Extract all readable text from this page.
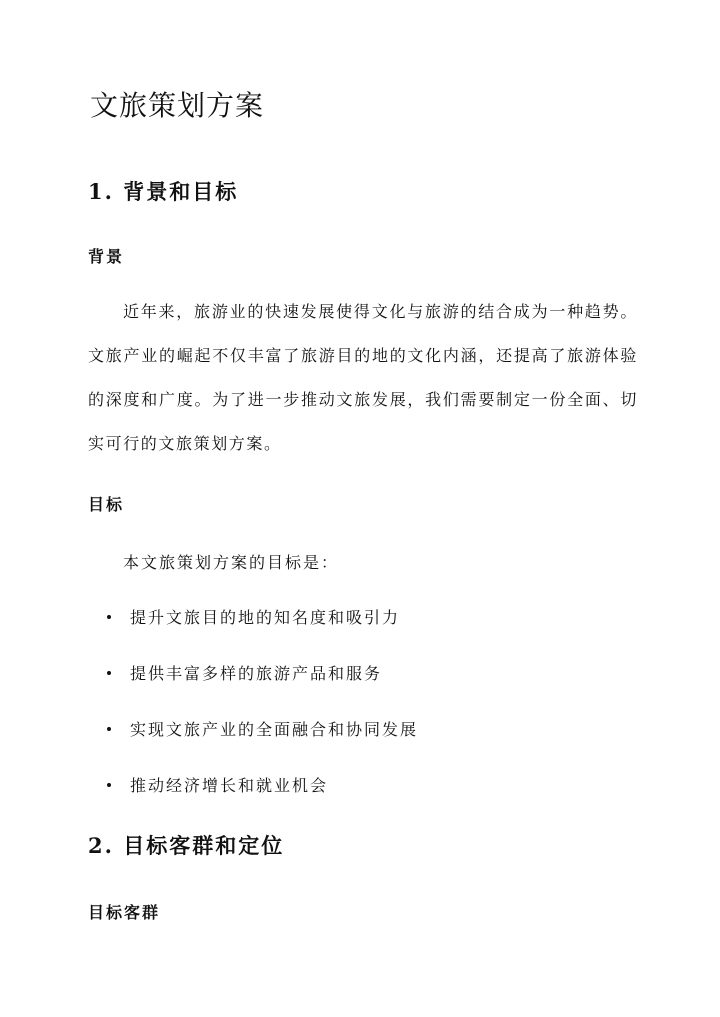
文旅策划方案
1. 背景和目标
背景

近年来，旅游业的快速发展使得文化与旅游的结合成为一种趋势。文旅产业的崛起不仅丰富了旅游目的地的文化内涵，还提高了旅游体验的深度和广度。为了进一步推动文旅发展，我们需要制定一份全面、切实可行的文旅策划方案。

目标
本文旅策划方案的目标是：
提升文旅目的地的知名度和吸引力
提供丰富多样的旅游产品和服务
实现文旅产业的全面融合和协同发展
推动经济增长和就业机会
2. 目标客群和定位
目标客群
